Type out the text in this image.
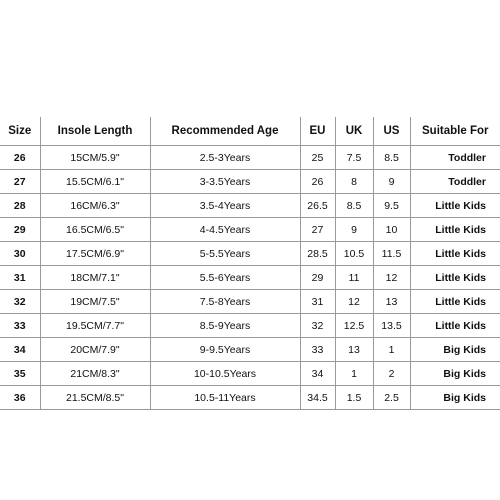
Size	Insole Length	Recommended Age	EU	UK	US	Suitable For
26	15CM/5.9"	2.5-3Years	25	7.5	8.5	Toddler
27	15.5CM/6.1"	3-3.5Years	26	8	9	Toddler
28	16CM/6.3"	3.5-4Years	26.5	8.5	9.5	Little Kids
29	16.5CM/6.5"	4-4.5Years	27	9	10	Little Kids
30	17.5CM/6.9"	5-5.5Years	28.5	10.5	11.5	Little Kids
31	18CM/7.1"	5.5-6Years	29	11	12	Little Kids
32	19CM/7.5"	7.5-8Years	31	12	13	Little Kids
33	19.5CM/7.7"	8.5-9Years	32	12.5	13.5	Little Kids
34	20CM/7.9"	9-9.5Years	33	13	1	Big Kids
35	21CM/8.3"	10-10.5Years	34	1	2	Big Kids
36	21.5CM/8.5"	10.5-11Years	34.5	1.5	2.5	Big Kids
